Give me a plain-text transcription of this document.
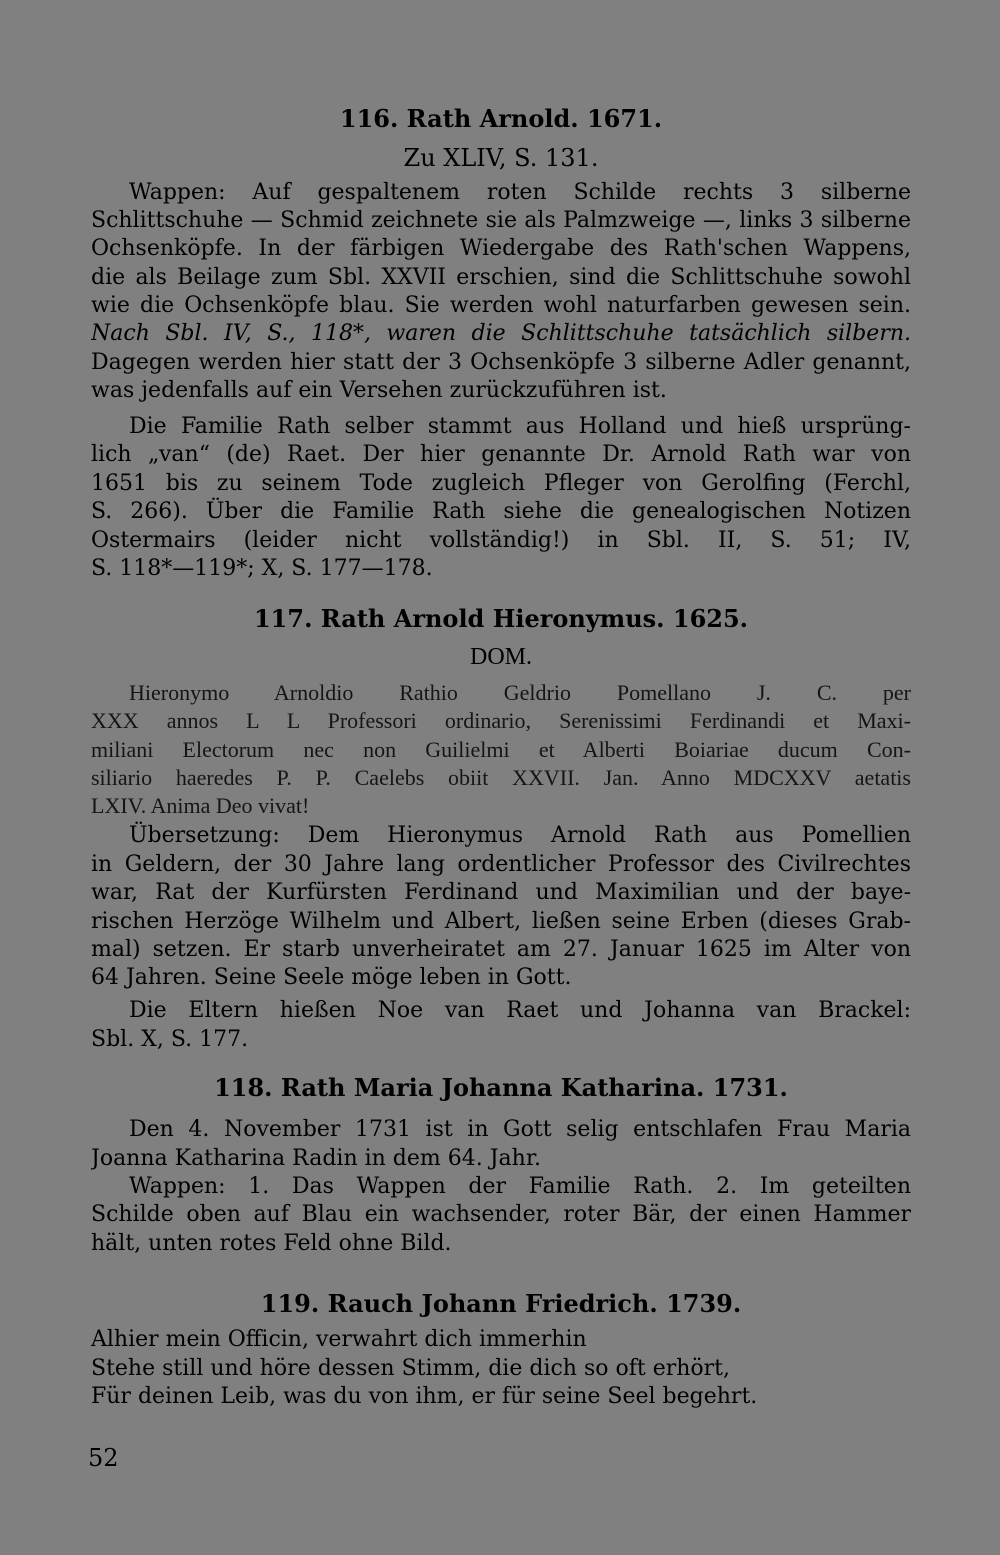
116. Rath Arnold. 1671.
Zu XLIV, S. 131.
Wappen: Auf gespaltenem roten Schilde rechts 3 silberne
Schlittschuhe — Schmid zeichnete sie als Palmzweige —, links 3 silberne
Ochsenköpfe. In der färbigen Wiedergabe des Rath'schen Wappens,
die als Beilage zum Sbl. XXVII erschien, sind die Schlittschuhe sowohl
wie die Ochsenköpfe blau. Sie werden wohl naturfarben gewesen sein.
Nach Sbl. IV, S., 118*, waren die Schlittschuhe tatsächlich silbern.
Dagegen werden hier statt der 3 Ochsenköpfe 3 silberne Adler genannt,
was jedenfalls auf ein Versehen zurückzuführen ist.
Die Familie Rath selber stammt aus Holland und hieß ursprüng-
lich „van“ (de) Raet. Der hier genannte Dr. Arnold Rath war von
1651 bis zu seinem Tode zugleich Pfleger von Gerolfing (Ferchl,
S. 266). Über die Familie Rath siehe die genealogischen Notizen
Ostermairs (leider nicht vollständig!) in Sbl. II, S. 51; IV,
S. 118*—119*; X, S. 177—178.
117. Rath Arnold Hieronymus. 1625.
DOM.
Hieronymo Arnoldio Rathio Geldrio Pomellano J. C. per
XXX annos L L Professori ordinario, Serenissimi Ferdinandi et Maxi-
miliani Electorum nec non Guilielmi et Alberti Boiariae ducum Con-
siliario haeredes P. P. Caelebs obiit XXVII. Jan. Anno MDCXXV aetatis
LXIV. Anima Deo vivat!
Übersetzung: Dem Hieronymus Arnold Rath aus Pomellien
in Geldern, der 30 Jahre lang ordentlicher Professor des Civilrechtes
war, Rat der Kurfürsten Ferdinand und Maximilian und der baye-
rischen Herzöge Wilhelm und Albert, ließen seine Erben (dieses Grab-
mal) setzen. Er starb unverheiratet am 27. Januar 1625 im Alter von
64 Jahren. Seine Seele möge leben in Gott.
Die Eltern hießen Noe van Raet und Johanna van Brackel:
Sbl. X, S. 177.
118. Rath Maria Johanna Katharina. 1731.
Den 4. November 1731 ist in Gott selig entschlafen Frau Maria
Joanna Katharina Radin in dem 64. Jahr.
Wappen: 1. Das Wappen der Familie Rath. 2. Im geteilten
Schilde oben auf Blau ein wachsender, roter Bär, der einen Hammer
hält, unten rotes Feld ohne Bild.
119. Rauch Johann Friedrich. 1739.
Alhier mein Officin, verwahrt dich immerhin
Stehe still und höre dessen Stimm, die dich so oft erhört,
Für deinen Leib, was du von ihm, er für seine Seel begehrt.
52
